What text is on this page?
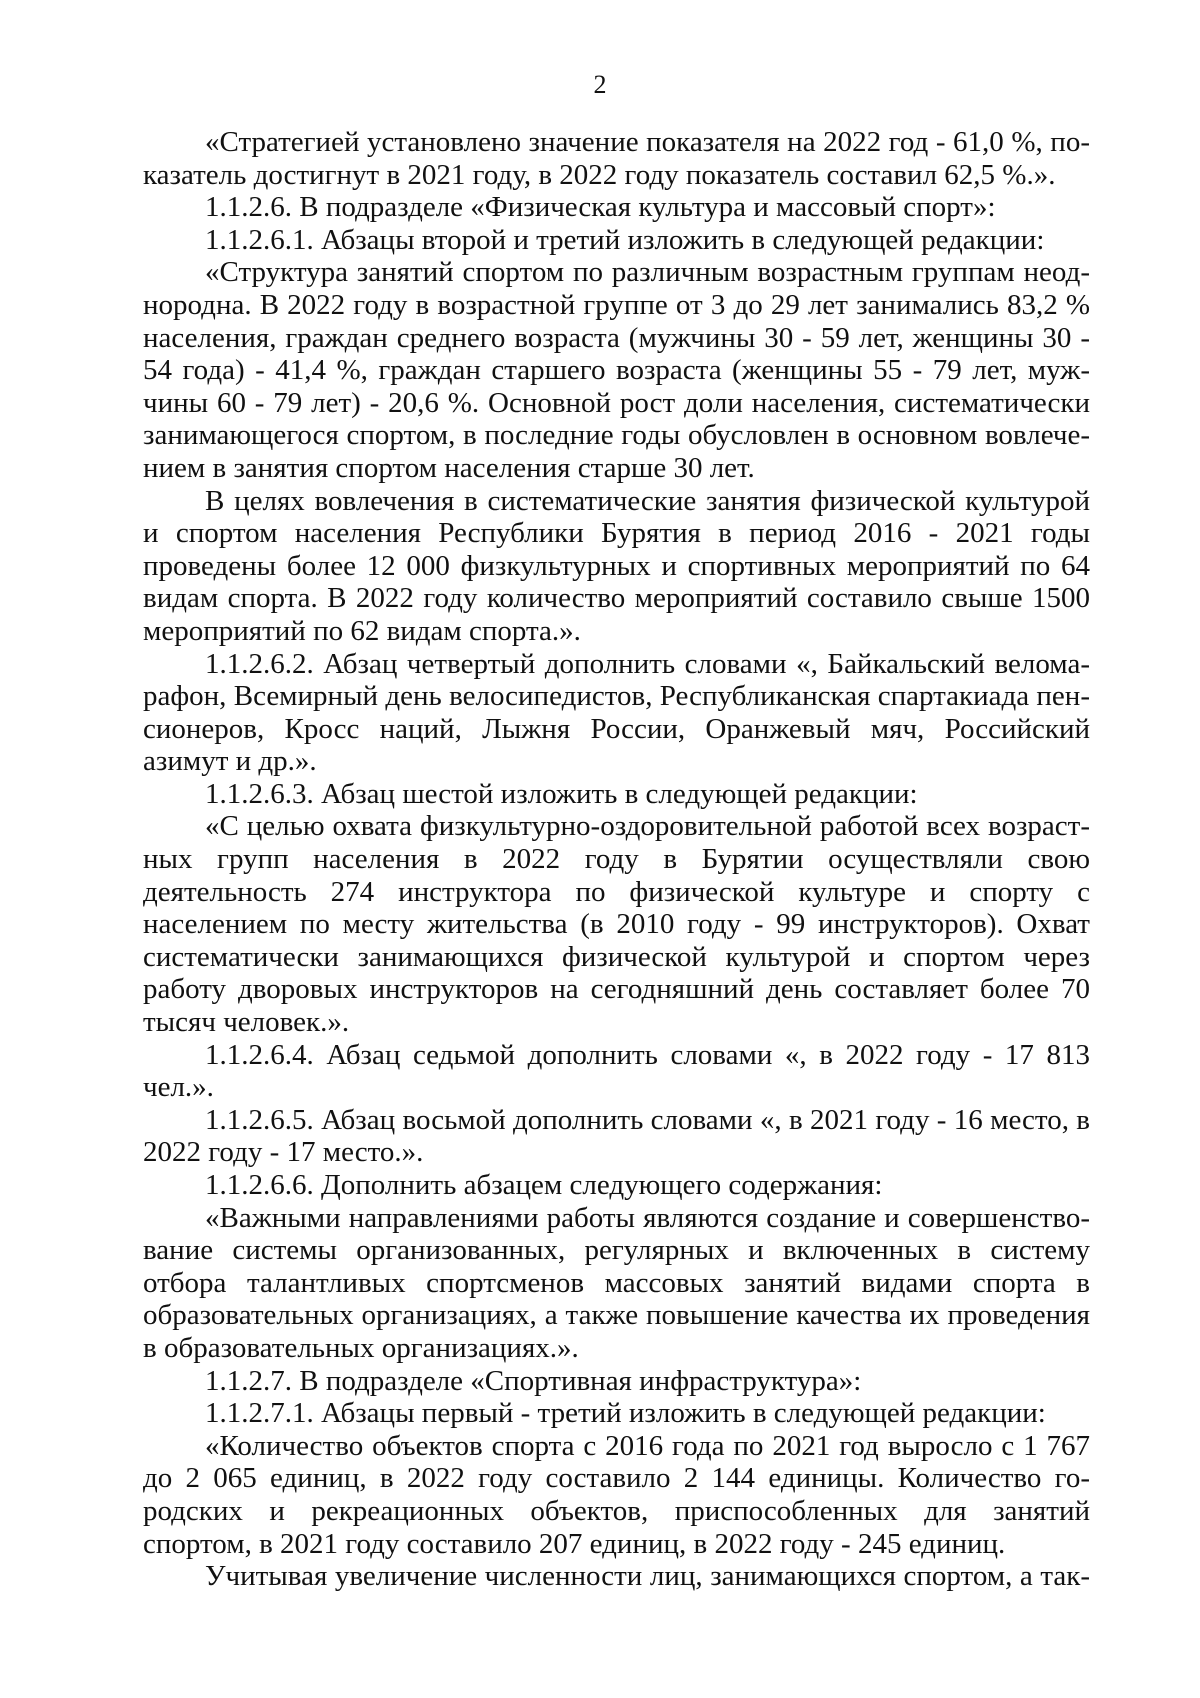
2

«Стратегией установлено значение показателя на 2022 год - 61,0 %, показатель достигнут в 2021 году, в 2022 году показатель составил 62,5 %.».

1.1.2.6. В подразделе «Физическая культура и массовый спорт»:

1.1.2.6.1. Абзацы второй и третий изложить в следующей редакции:

«Структура занятий спортом по различным возрастным группам неоднородна. В 2022 году в возрастной группе от 3 до 29 лет занимались 83,2 % населения, граждан среднего возраста (мужчины 30 - 59 лет, женщины 30 - 54 года) - 41,4 %, граждан старшего возраста (женщины 55 - 79 лет, мужчины 60 - 79 лет) - 20,6 %. Основной рост доли населения, систематически занимающегося спортом, в последние годы обусловлен в основном вовлечением в занятия спортом населения старше 30 лет.

В целях вовлечения в систематические занятия физической культурой и спортом населения Республики Бурятия в период 2016 - 2021 годы проведены более 12 000 физкультурных и спортивных мероприятий по 64 видам спорта. В 2022 году количество мероприятий составило свыше 1500 мероприятий по 62 видам спорта.».

1.1.2.6.2. Абзац четвертый дополнить словами «, Байкальский веломарафон, Всемирный день велосипедистов, Республиканская спартакиада пенсионеров, Кросс наций, Лыжня России, Оранжевый мяч, Российский азимут и др.».

1.1.2.6.3. Абзац шестой изложить в следующей редакции:

«С целью охвата физкультурно-оздоровительной работой всех возрастных групп населения в 2022 году в Бурятии осуществляли свою деятельность 274 инструктора по физической культуре и спорту с населением по месту жительства (в 2010 году - 99 инструкторов). Охват систематически занимающихся физической культурой и спортом через работу дворовых инструкторов на сегодняшний день составляет более 70 тысяч человек.».

1.1.2.6.4. Абзац седьмой дополнить словами «, в 2022 году - 17 813 чел.».

1.1.2.6.5. Абзац восьмой дополнить словами «, в 2021 году - 16 место, в 2022 году - 17 место.».

1.1.2.6.6. Дополнить абзацем следующего содержания:

«Важными направлениями работы являются создание и совершенствование системы организованных, регулярных и включенных в систему отбора талантливых спортсменов массовых занятий видами спорта в образовательных организациях, а также повышение качества их проведения в образовательных организациях.».

1.1.2.7. В подразделе «Спортивная инфраструктура»:

1.1.2.7.1. Абзацы первый - третий изложить в следующей редакции:

«Количество объектов спорта с 2016 года по 2021 год выросло с 1 767 до 2 065 единиц, в 2022 году составило 2 144 единицы. Количество городских и рекреационных объектов, приспособленных для занятий спортом, в 2021 году составило 207 единиц, в 2022 году - 245 единиц.

Учитывая увеличение численности лиц, занимающихся спортом, а так-
